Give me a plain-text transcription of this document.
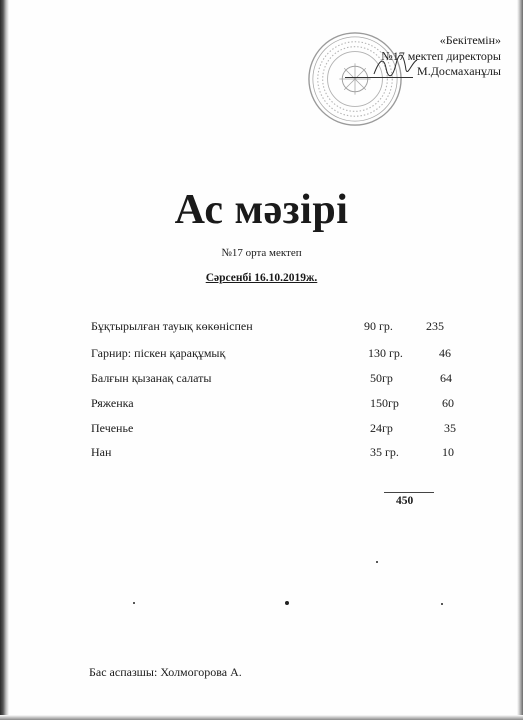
«Бекітемін»
№17 мектеп директоры
М.Досмаханұлы
Ас мәзірі
№17 орта мектеп
Сәрсенбі 16.10.2019ж.
Бұқтырылған тауық көкөніспен	90 гр.	235
Гарнир: піскен қарақұмық	130 гр.	46
Балғын қызанақ салаты	50гр	64
Ряженка	150гр	60
Печенье	24гр	35
Нан	35 гр.	10
450
Бас аспазшы: Холмогорова А.
